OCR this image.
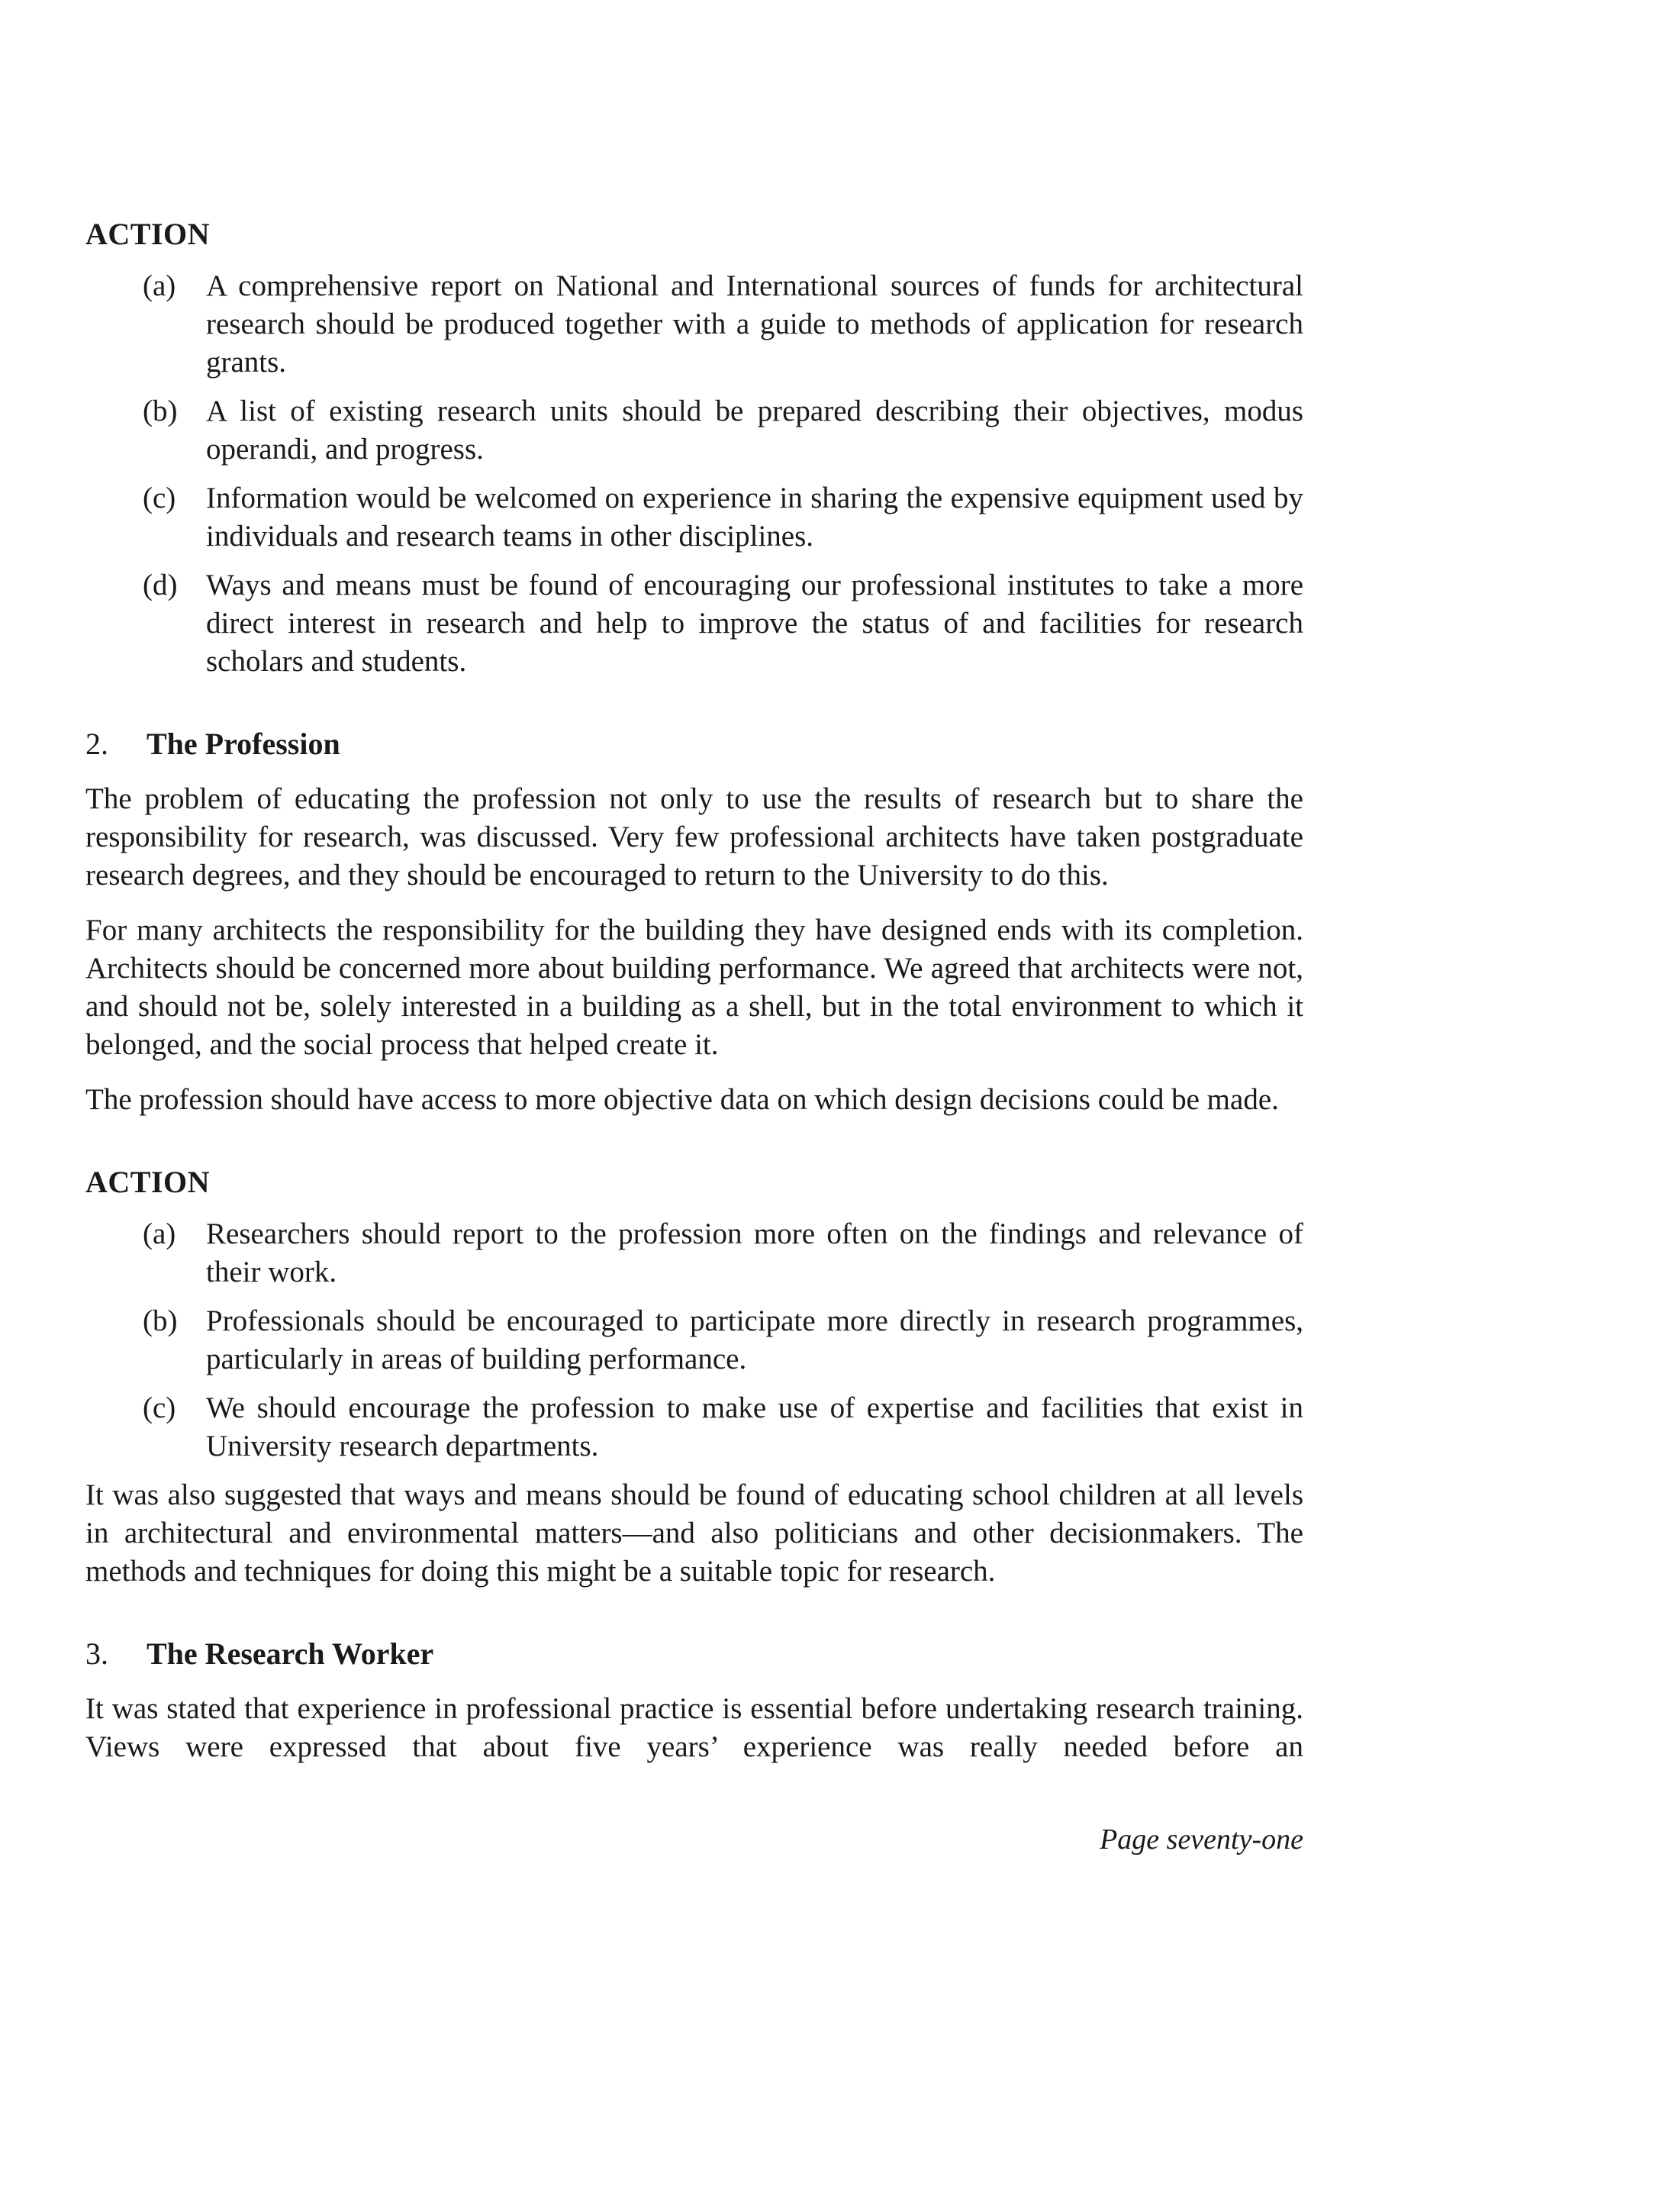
ACTION
(a)	A comprehensive report on National and International sources of funds for architectural research should be produced together with a guide to methods of application for research grants.
(b) A list of existing research units should be prepared describing their objectives, modus operandi, and progress.
(c)	Information would be welcomed on experience in sharing the expensive equipment used by individuals and research teams in other disciplines.
(d) Ways and means must be found of encouraging our professional institutes to take a more direct interest in research and help to improve the status of and facilities for research scholars and students.
2.	The Profession

The problem of educating the profession not only to use the results of research but to share the responsibility for research, was discussed. Very few professional architects have taken postgraduate research degrees, and they should be encouraged to return to the University to do this.

For many architects the responsibility for the building they have designed ends with its completion. Architects should be concerned more about building performance. We agreed that architects were not, and should not be, solely interested in a building as a shell, but in the total environment to which it belonged, and the social process that helped create it.

The profession should have access to more objective data on which design decisions could be made.

ACTION
(a)	Researchers should report to the profession more often on the findings and relevance of their work.
(b) Professionals should be encouraged to participate more directly in research programmes, particularly in areas of building performance.
(c)	We should encourage the profession to make use of expertise and facilities that exist in University research departments.

It was also suggested that ways and means should be found of educating school children at all levels in architectural and environmental matters—and also politicians and other decisionmakers. The methods and techniques for doing this might be a suitable topic for research.

3.	The Research Worker

It was stated that experience in professional practice is essential before undertaking research training. Views were expressed that about five years’ experience was really needed before an

Page seventy-one
